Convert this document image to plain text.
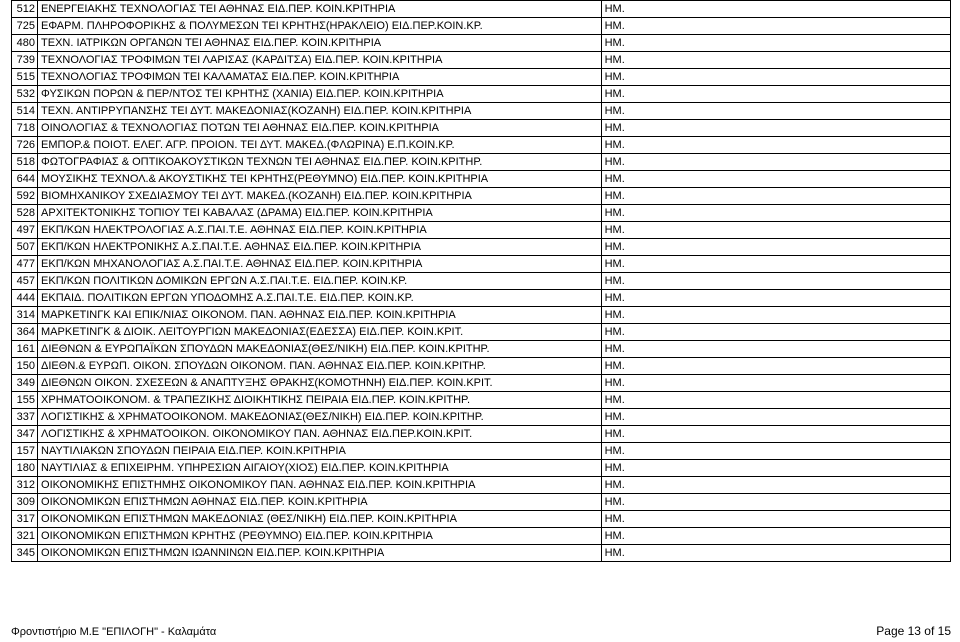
512	ΕΝΕΡΓΕΙΑΚΗΣ ΤΕΧΝΟΛΟΓΙΑΣ ΤΕΙ ΑΘΗΝΑΣ ΕΙΔ.ΠΕΡ. ΚΟΙΝ.ΚΡΙΤΗΡΙΑ	ΗΜ.
725	ΕΦΑΡΜ. ΠΛΗΡΟΦΟΡΙΚΗΣ & ΠΟΛΥΜΕΣΩΝ ΤΕΙ ΚΡΗΤΗΣ(ΗΡΑΚΛΕΙΟ) ΕΙΔ.ΠΕΡ.ΚΟΙΝ.ΚΡ.	ΗΜ.
480	ΤΕΧΝ. ΙΑΤΡΙΚΩΝ ΟΡΓΑΝΩΝ ΤΕΙ ΑΘΗΝΑΣ ΕΙΔ.ΠΕΡ. ΚΟΙΝ.ΚΡΙΤΗΡΙΑ	ΗΜ.
739	ΤΕΧΝΟΛΟΓΙΑΣ ΤΡΟΦΙΜΩΝ ΤΕΙ ΛΑΡΙΣΑΣ (ΚΑΡΔΙΤΣΑ) ΕΙΔ.ΠΕΡ. ΚΟΙΝ.ΚΡΙΤΗΡΙΑ	ΗΜ.
515	ΤΕΧΝΟΛΟΓΙΑΣ ΤΡΟΦΙΜΩΝ ΤΕΙ ΚΑΛΑΜΑΤΑΣ ΕΙΔ.ΠΕΡ. ΚΟΙΝ.ΚΡΙΤΗΡΙΑ	ΗΜ.
532	ΦΥΣΙΚΩΝ ΠΟΡΩΝ & ΠΕΡ/ΝΤΟΣ ΤΕΙ ΚΡΗΤΗΣ (ΧΑΝΙΑ) ΕΙΔ.ΠΕΡ. ΚΟΙΝ.ΚΡΙΤΗΡΙΑ	ΗΜ.
514	ΤΕΧΝ. ΑΝΤΙΡΡΥΠΑΝΣΗΣ ΤΕΙ ΔΥΤ. ΜΑΚΕΔΟΝΙΑΣ(ΚΟΖΑΝΗ) ΕΙΔ.ΠΕΡ. ΚΟΙΝ.ΚΡΙΤΗΡΙΑ	ΗΜ.
718	ΟΙΝΟΛΟΓΙΑΣ & ΤΕΧΝΟΛΟΓΙΑΣ ΠΟΤΩΝ ΤΕΙ ΑΘΗΝΑΣ ΕΙΔ.ΠΕΡ. ΚΟΙΝ.ΚΡΙΤΗΡΙΑ	ΗΜ.
726	ΕΜΠΟΡ.& ΠΟΙΟΤ. ΕΛΕΓ. ΑΓΡ. ΠΡΟΙΟΝ. ΤΕΙ ΔΥΤ. ΜΑΚΕΔ.(ΦΛΩΡΙΝΑ) Ε.Π.ΚΟΙΝ.ΚΡ.	ΗΜ.
518	ΦΩΤΟΓΡΑΦΙΑΣ & ΟΠΤΙΚΟΑΚΟΥΣΤΙΚΩΝ ΤΕΧΝΩΝ ΤΕΙ ΑΘΗΝΑΣ ΕΙΔ.ΠΕΡ. ΚΟΙΝ.ΚΡΙΤΗΡ.	ΗΜ.
644	ΜΟΥΣΙΚΗΣ ΤΕΧΝΟΛ.& ΑΚΟΥΣΤΙΚΗΣ ΤΕΙ ΚΡΗΤΗΣ(ΡΕΘΥΜΝΟ) ΕΙΔ.ΠΕΡ. ΚΟΙΝ.ΚΡΙΤΗΡΙΑ	ΗΜ.
592	ΒΙΟΜΗΧΑΝΙΚΟΥ ΣΧΕΔΙΑΣΜΟΥ ΤΕΙ ΔΥΤ. ΜΑΚΕΔ.(ΚΟΖΑΝΗ) ΕΙΔ.ΠΕΡ. ΚΟΙΝ.ΚΡΙΤΗΡΙΑ	ΗΜ.
528	ΑΡΧΙΤΕΚΤΟΝΙΚΗΣ ΤΟΠΙΟΥ ΤΕΙ ΚΑΒΑΛΑΣ (ΔΡΑΜΑ) ΕΙΔ.ΠΕΡ. ΚΟΙΝ.ΚΡΙΤΗΡΙΑ	ΗΜ.
497	ΕΚΠ/ΚΩΝ ΗΛΕΚΤΡΟΛΟΓΙΑΣ Α.Σ.ΠΑΙ.Τ.Ε. ΑΘΗΝΑΣ ΕΙΔ.ΠΕΡ. ΚΟΙΝ.ΚΡΙΤΗΡΙΑ	ΗΜ.
507	ΕΚΠ/ΚΩΝ ΗΛΕΚΤΡΟΝΙΚΗΣ Α.Σ.ΠΑΙ.Τ.Ε. ΑΘΗΝΑΣ ΕΙΔ.ΠΕΡ. ΚΟΙΝ.ΚΡΙΤΗΡΙΑ	ΗΜ.
477	ΕΚΠ/ΚΩΝ ΜΗΧΑΝΟΛΟΓΙΑΣ Α.Σ.ΠΑΙ.Τ.Ε. ΑΘΗΝΑΣ ΕΙΔ.ΠΕΡ. ΚΟΙΝ.ΚΡΙΤΗΡΙΑ	ΗΜ.
457	ΕΚΠ/ΚΩΝ ΠΟΛΙΤΙΚΩΝ ΔΟΜΙΚΩΝ ΕΡΓΩΝ Α.Σ.ΠΑΙ.Τ.Ε. ΕΙΔ.ΠΕΡ. ΚΟΙΝ.ΚΡ.	ΗΜ.
444	ΕΚΠΑΙΔ. ΠΟΛΙΤΙΚΩΝ ΕΡΓΩΝ ΥΠΟΔΟΜΗΣ Α.Σ.ΠΑΙ.Τ.Ε. ΕΙΔ.ΠΕΡ. ΚΟΙΝ.ΚΡ.	ΗΜ.
314	ΜΑΡΚΕΤΙΝΓΚ ΚΑΙ ΕΠΙΚ/ΝΙΑΣ ΟΙΚΟΝΟΜ. ΠΑΝ. ΑΘΗΝΑΣ ΕΙΔ.ΠΕΡ. ΚΟΙΝ.ΚΡΙΤΗΡΙΑ	ΗΜ.
364	ΜΑΡΚΕΤΙΝΓΚ & ΔΙΟΙΚ. ΛΕΙΤΟΥΡΓΙΩΝ ΜΑΚΕΔΟΝΙΑΣ(ΕΔΕΣΣΑ) ΕΙΔ.ΠΕΡ. ΚΟΙΝ.ΚΡΙΤ.	ΗΜ.
161	ΔΙΕΘΝΩΝ & ΕΥΡΩΠΑΪΚΩΝ ΣΠΟΥΔΩΝ ΜΑΚΕΔΟΝΙΑΣ(ΘΕΣ/ΝΙΚΗ) ΕΙΔ.ΠΕΡ. ΚΟΙΝ.ΚΡΙΤΗΡ.	ΗΜ.
150	ΔΙΕΘΝ.& ΕΥΡΩΠ. ΟΙΚΟΝ. ΣΠΟΥΔΩΝ ΟΙΚΟΝΟΜ. ΠΑΝ. ΑΘΗΝΑΣ ΕΙΔ.ΠΕΡ. ΚΟΙΝ.ΚΡΙΤΗΡ.	ΗΜ.
349	ΔΙΕΘΝΩΝ ΟΙΚΟΝ. ΣΧΕΣΕΩΝ & ΑΝΑΠΤΥΞΗΣ ΘΡΑΚΗΣ(ΚΟΜΟΤΗΝΗ) ΕΙΔ.ΠΕΡ. ΚΟΙΝ.ΚΡΙΤ.	ΗΜ.
155	ΧΡΗΜΑΤΟΟΙΚΟΝΟΜ. & ΤΡΑΠΕΖΙΚΗΣ ΔΙΟΙΚΗΤΙΚΗΣ ΠΕΙΡΑΙΑ ΕΙΔ.ΠΕΡ. ΚΟΙΝ.ΚΡΙΤΗΡ.	ΗΜ.
337	ΛΟΓΙΣΤΙΚΗΣ & ΧΡΗΜΑΤΟΟΙΚΟΝΟΜ. ΜΑΚΕΔΟΝΙΑΣ(ΘΕΣ/ΝΙΚΗ) ΕΙΔ.ΠΕΡ. ΚΟΙΝ.ΚΡΙΤΗΡ.	ΗΜ.
347	ΛΟΓΙΣΤΙΚΗΣ & ΧΡΗΜΑΤΟΟΙΚΟΝ. ΟΙΚΟΝΟΜΙΚΟΥ ΠΑΝ. ΑΘΗΝΑΣ ΕΙΔ.ΠΕΡ.ΚΟΙΝ.ΚΡΙΤ.	ΗΜ.
157	ΝΑΥΤΙΛΙΑΚΩΝ ΣΠΟΥΔΩΝ ΠΕΙΡΑΙΑ ΕΙΔ.ΠΕΡ. ΚΟΙΝ.ΚΡΙΤΗΡΙΑ	ΗΜ.
180	ΝΑΥΤΙΛΙΑΣ & ΕΠΙΧΕΙΡΗΜ. ΥΠΗΡΕΣΙΩΝ ΑΙΓΑΙΟΥ(ΧΙΟΣ) ΕΙΔ.ΠΕΡ. ΚΟΙΝ.ΚΡΙΤΗΡΙΑ	ΗΜ.
312	ΟΙΚΟΝΟΜΙΚΗΣ ΕΠΙΣΤΗΜΗΣ ΟΙΚΟΝΟΜΙΚΟΥ ΠΑΝ. ΑΘΗΝΑΣ ΕΙΔ.ΠΕΡ. ΚΟΙΝ.ΚΡΙΤΗΡΙΑ	ΗΜ.
309	ΟΙΚΟΝΟΜΙΚΩΝ ΕΠΙΣΤΗΜΩΝ ΑΘΗΝΑΣ ΕΙΔ.ΠΕΡ. ΚΟΙΝ.ΚΡΙΤΗΡΙΑ	ΗΜ.
317	ΟΙΚΟΝΟΜΙΚΩΝ ΕΠΙΣΤΗΜΩΝ ΜΑΚΕΔΟΝΙΑΣ (ΘΕΣ/ΝΙΚΗ) ΕΙΔ.ΠΕΡ. ΚΟΙΝ.ΚΡΙΤΗΡΙΑ	ΗΜ.
321	ΟΙΚΟΝΟΜΙΚΩΝ ΕΠΙΣΤΗΜΩΝ ΚΡΗΤΗΣ (ΡΕΘΥΜΝΟ) ΕΙΔ.ΠΕΡ. ΚΟΙΝ.ΚΡΙΤΗΡΙΑ	ΗΜ.
345	ΟΙΚΟΝΟΜΙΚΩΝ ΕΠΙΣΤΗΜΩΝ ΙΩΑΝΝΙΝΩΝ ΕΙΔ.ΠΕΡ. ΚΟΙΝ.ΚΡΙΤΗΡΙΑ	ΗΜ.
Φροντιστήριο Μ.Ε "ΕΠΙΛΟΓΗ" - Καλαμάτα	Page 13 of 15
